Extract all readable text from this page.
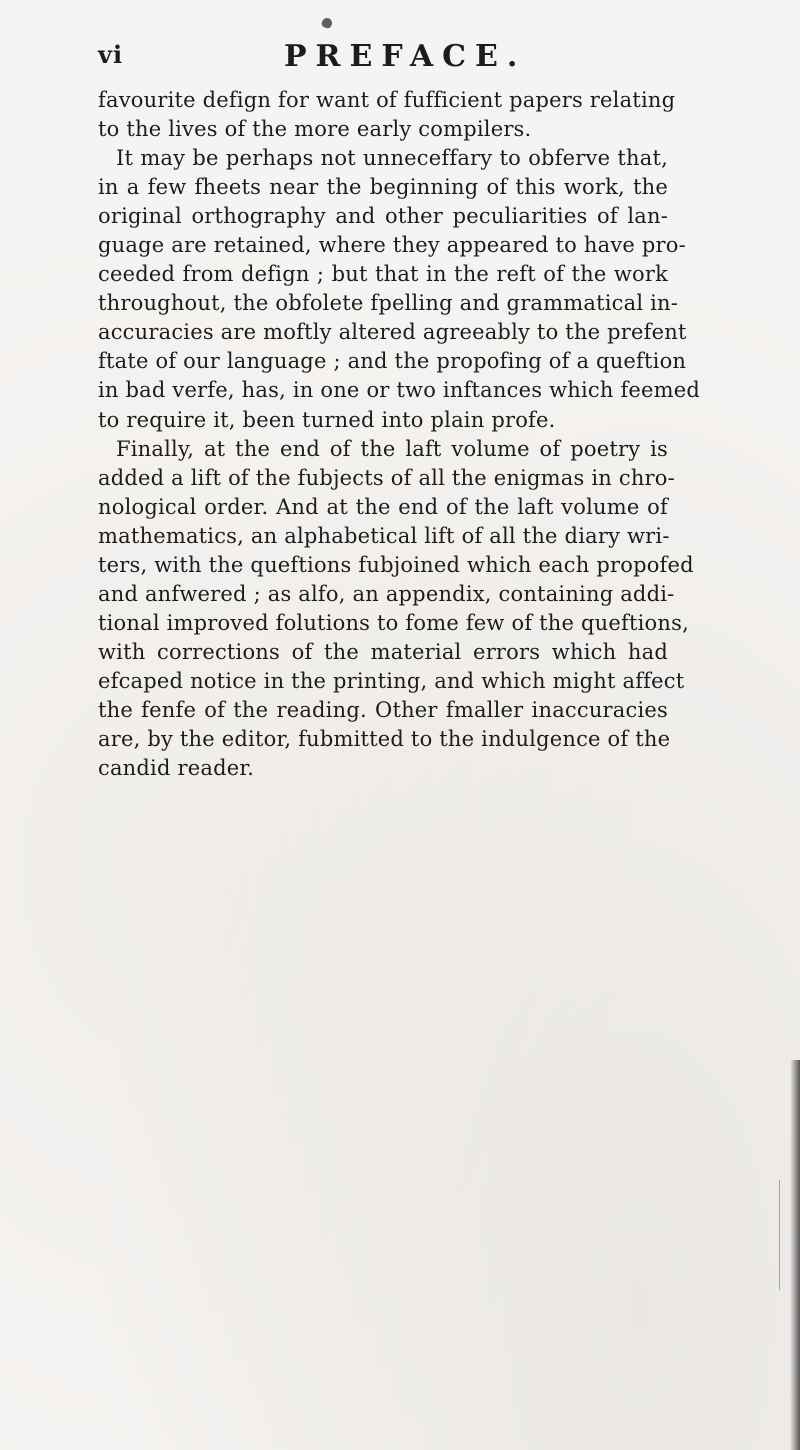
vi	PREFACE.
favourite defign for want of fufficient papers relating
to the lives of the more early compilers.
It may be perhaps not unneceffary to obferve that,
in a few fheets near the beginning of this work, the
original orthography and other peculiarities of lan-
guage are retained, where they appeared to have pro-
ceeded from defign ; but that in the reft of the work
throughout, the obfolete fpelling and grammatical in-
accuracies are moftly altered agreeably to the prefent
ftate of our language ; and the propofing of a queftion
in bad verfe, has, in one or two inftances which feemed
to require it, been turned into plain profe.
Finally, at the end of the laft volume of poetry is
added a lift of the fubjects of all the enigmas in chro-
nological order. And at the end of the laft volume of
mathematics, an alphabetical lift of all the diary wri-
ters, with the queftions fubjoined which each propofed
and anfwered ; as alfo, an appendix, containing addi-
tional improved folutions to fome few of the queftions,
with corrections of the material errors which had
efcaped notice in the printing, and which might affect
the fenfe of the reading. Other fmaller inaccuracies
are, by the editor, fubmitted to the indulgence of the
candid reader.
